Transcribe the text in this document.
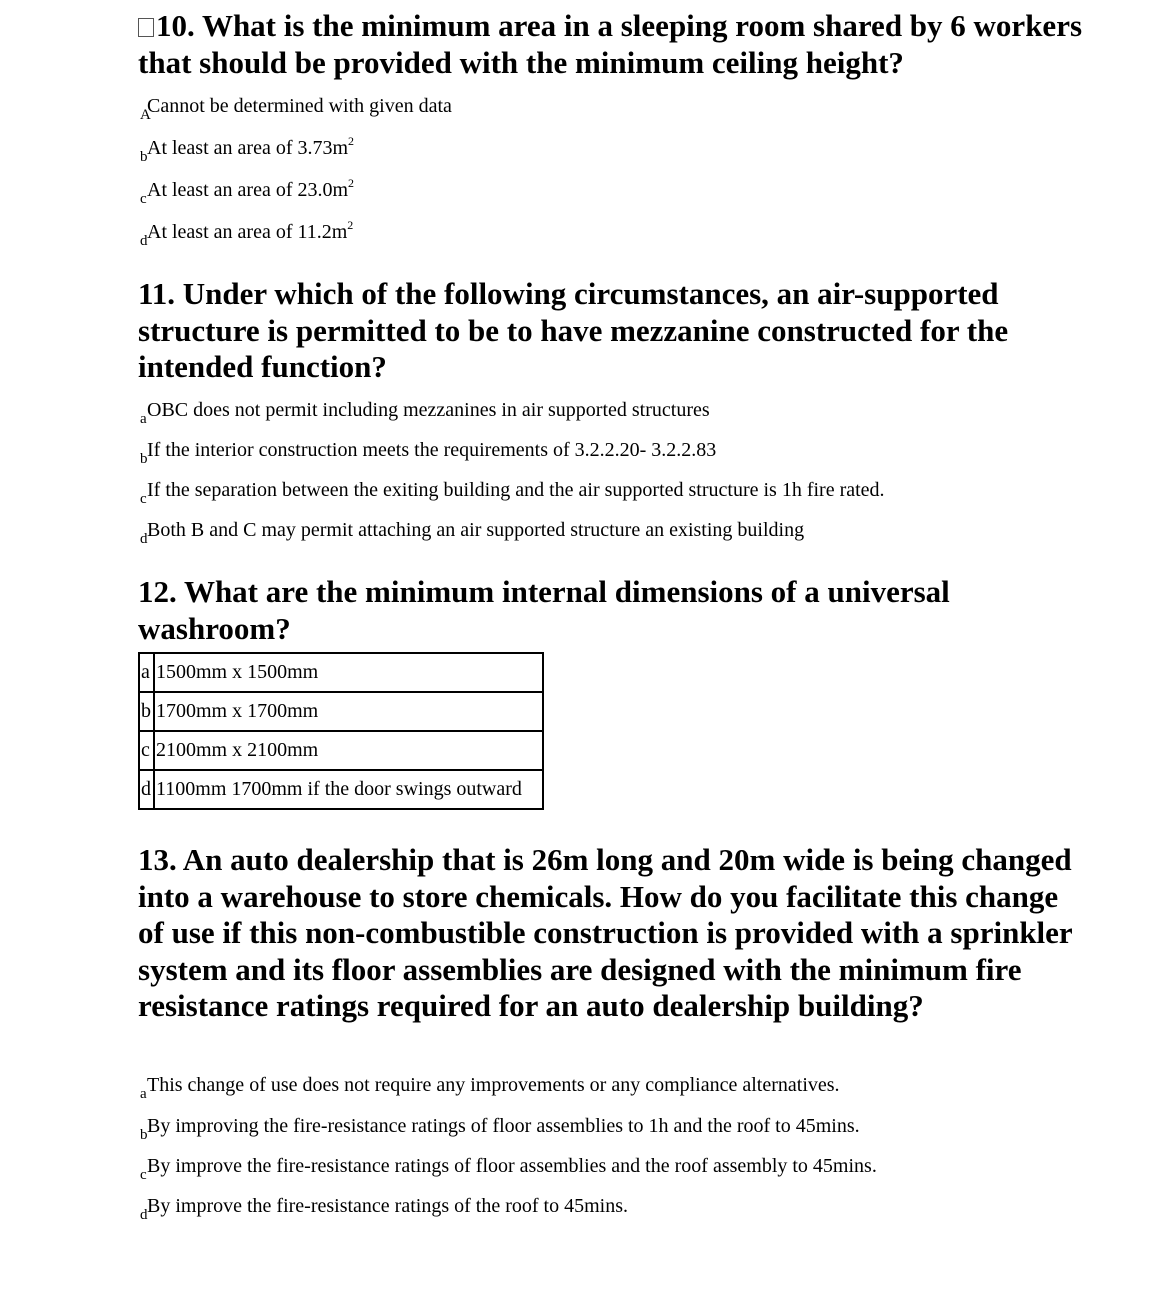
10. What is the minimum area in a sleeping room shared by 6 workers that should be provided with the minimum ceiling height?
A
Cannot be determined with given data
b At least an area of $3.73m^2$
c At least an area of $23.0m^2$
d At least an area of $11.2m^2$
11. Under which of the following circumstances, an air-supported structure is permitted to be to have mezzanine constructed for the intended function?
a OBC does not permit including mezzanines in air supported structures
b If the interior construction meets the requirements of 3.2.2.20- 3.2.2.83
c If the separation between the exiting building and the air supported structure is 1h fire rated.
d Both B and C may permit attaching an air supported structure an existing building
12. What are the minimum internal dimensions of a universal washroom?
a	1500mm x 1500mm
b	1700mm x 1700mm
c	2100mm x 2100mm
d	1100mm 1700mm if the door swings outward
13. An auto dealership that is 26m long and 20m wide is being changed into a warehouse to store chemicals. How do you facilitate this change of use if this non-combustible construction is provided with a sprinkler system and its floor assemblies are designed with the minimum fire resistance ratings required for an auto dealership building?
a This change of use does not require any improvements or any compliance alternatives.
b By improving the fire-resistance ratings of floor assemblies to 1h and the roof to 45mins.
c By improve the fire-resistance ratings of floor assemblies and the roof assembly to 45mins.
d By improve the fire-resistance ratings of the roof to 45mins.
